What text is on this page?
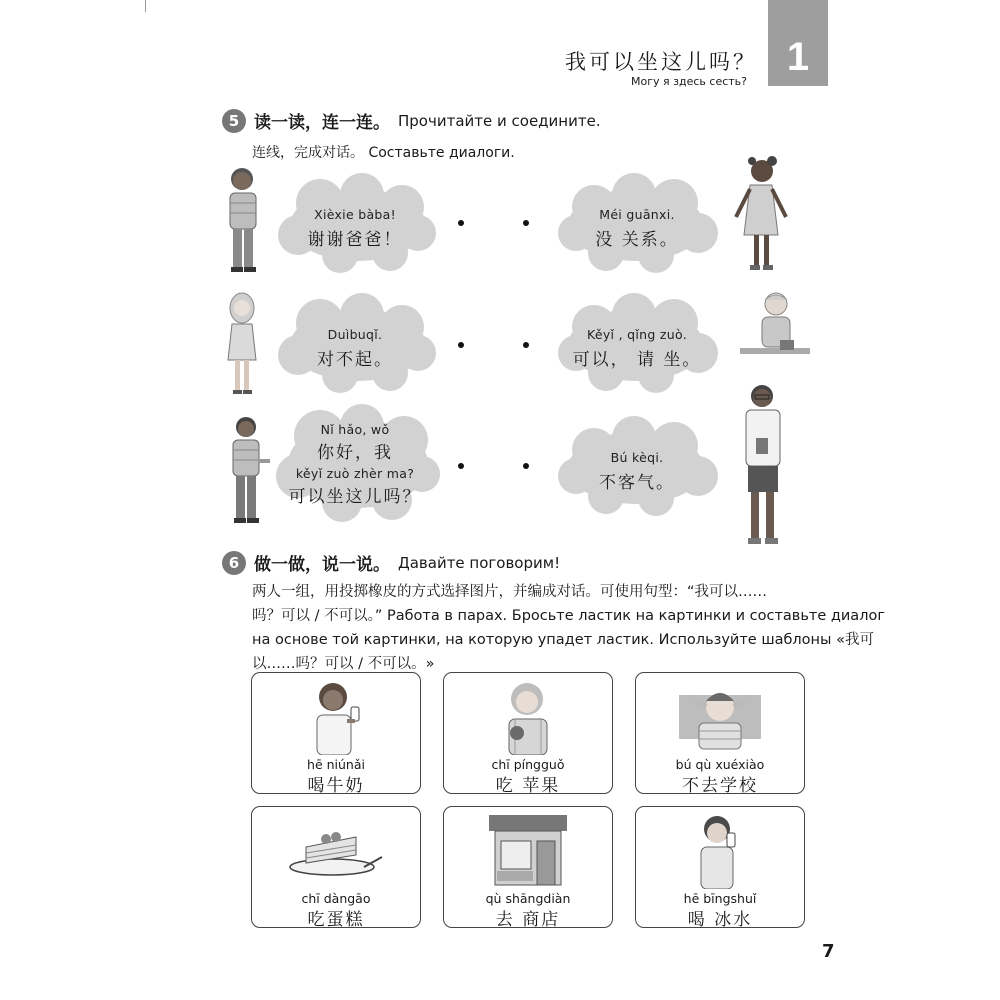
我可以坐这儿吗？
Могу я здесь сесть?
1
5 读一读，连一连。 Прочитайте и соедините.
连线，完成对话。 Составьте диалоги.
Xièxie bàba!
谢谢爸爸！
Duìbuqǐ.
对不起。
Nǐ hǎo, wǒ
你好，我
kěyǐ zuò zhèr ma?
可以坐这儿吗？
Méi guānxi.
没 关系。
Kěyǐ , qǐng zuò.
可以， 请 坐。
Bú kèqi.
不客气。
6 做一做，说一说。 Давайте поговорим!
两人一组，用投掷橡皮的方式选择图片，并编成对话。可使用句型：“我可以……
吗？可以 / 不可以。” Работа в парах. Бросьте ластик на картинки и составьте диалог
на основе той картинки, на которую упадет ластик. Используйте шаблоны «我可
以……吗？可以 / 不可以。»
hē niúnǎi
喝牛奶
chī píngguǒ
吃 苹果
bú qù xuéxiào
不去学校
chī dàngāo
吃蛋糕
qù shāngdiàn
去 商店
hē bīngshuǐ
喝 冰水
7
